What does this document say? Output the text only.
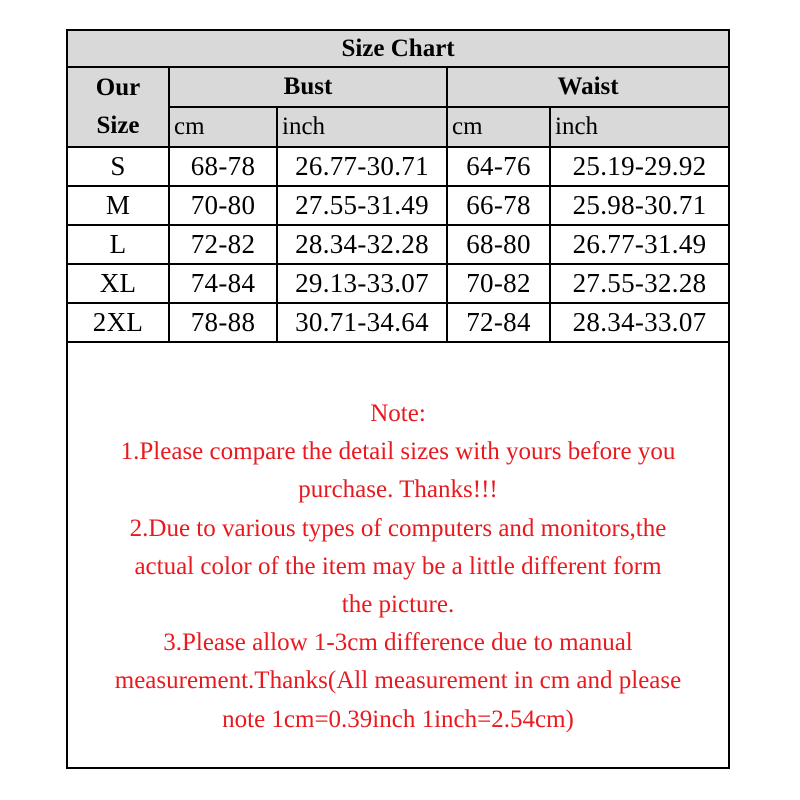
Size Chart				
Our
Size	Bust		Waist	
	cm	inch	cm	inch
S	68-78	26.77-30.71	64-76	25.19-29.92
M	70-80	27.55-31.49	66-78	25.98-30.71
L	72-82	28.34-32.28	68-80	26.77-31.49
XL	74-84	29.13-33.07	70-82	27.55-32.28
2XL	78-88	30.71-34.64	72-84	28.34-33.07

Note:

1.Please compare the detail sizes with yours before you

purchase. Thanks!!!

2.Due to various types of computers and monitors,the

actual color of the item may be a little different form

the picture.

3.Please allow 1-3cm difference due to manual

measurement.Thanks(All measurement in cm and please

note 1cm=0.39inch 1inch=2.54cm)
